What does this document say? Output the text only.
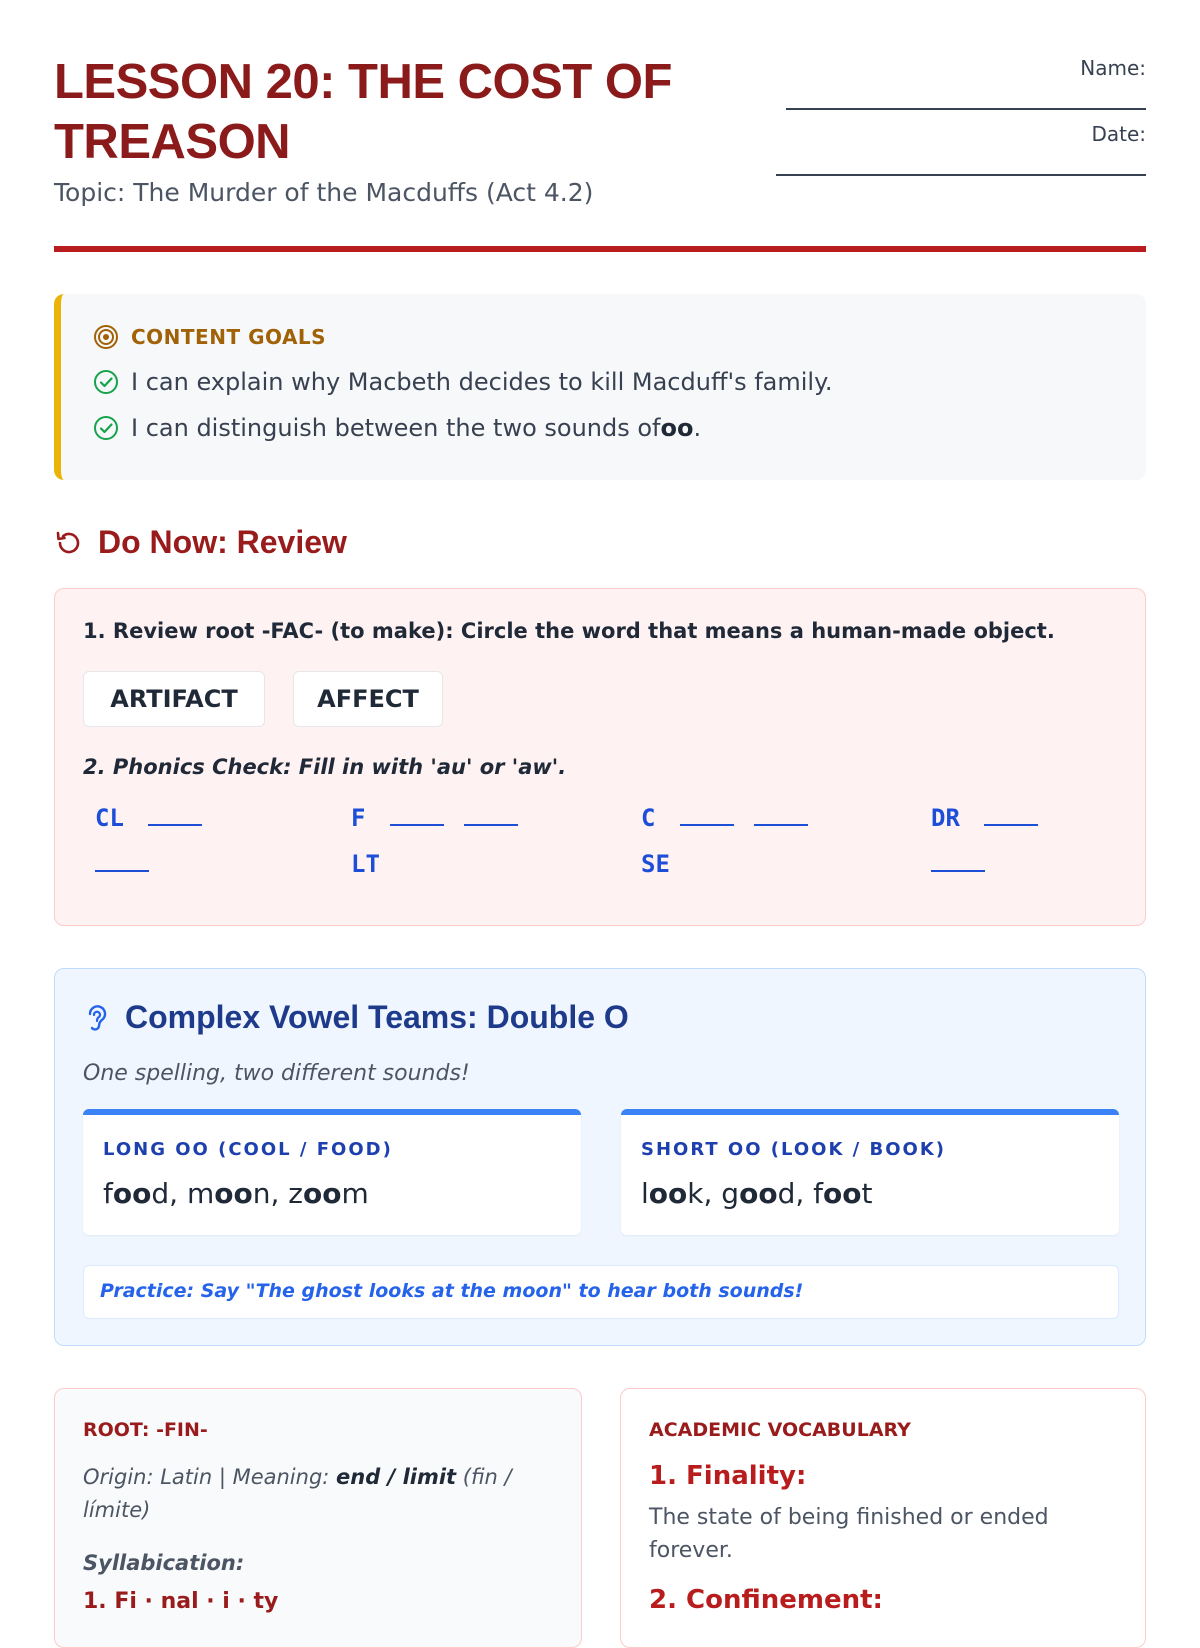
LESSON 20: THE COST OF TREASON
Topic: The Murder of the Macduffs (Act 4.2)
Name:
Date:
CONTENT GOALS
I can explain why Macbeth decides to kill Macduff's family.
I can distinguish between the two sounds ofoo.
Do Now: Review
1. Review root -FAC- (to make): Circle the word that means a human-made object.
ARTIFACT	AFFECT
2. Phonics Check: Fill in with 'au' or 'aw'.
CL	F
LT
C
SE
DR

Complex Vowel Teams: Double O
One spelling, two different sounds!
LONG OO (COOL / FOOD)
food, moon, zoom
SHORT OO (LOOK / BOOK)
look, good, foot
Practice: Say "The ghost looks at the moon" to hear both sounds!
ROOT: -FIN-
Origin: Latin | Meaning: end / limit (fin / límite)
Syllabication:
1. Fi · nal · i · ty
ACADEMIC VOCABULARY
1. Finality:
The state of being finished or ended forever.
2. Confinement:
